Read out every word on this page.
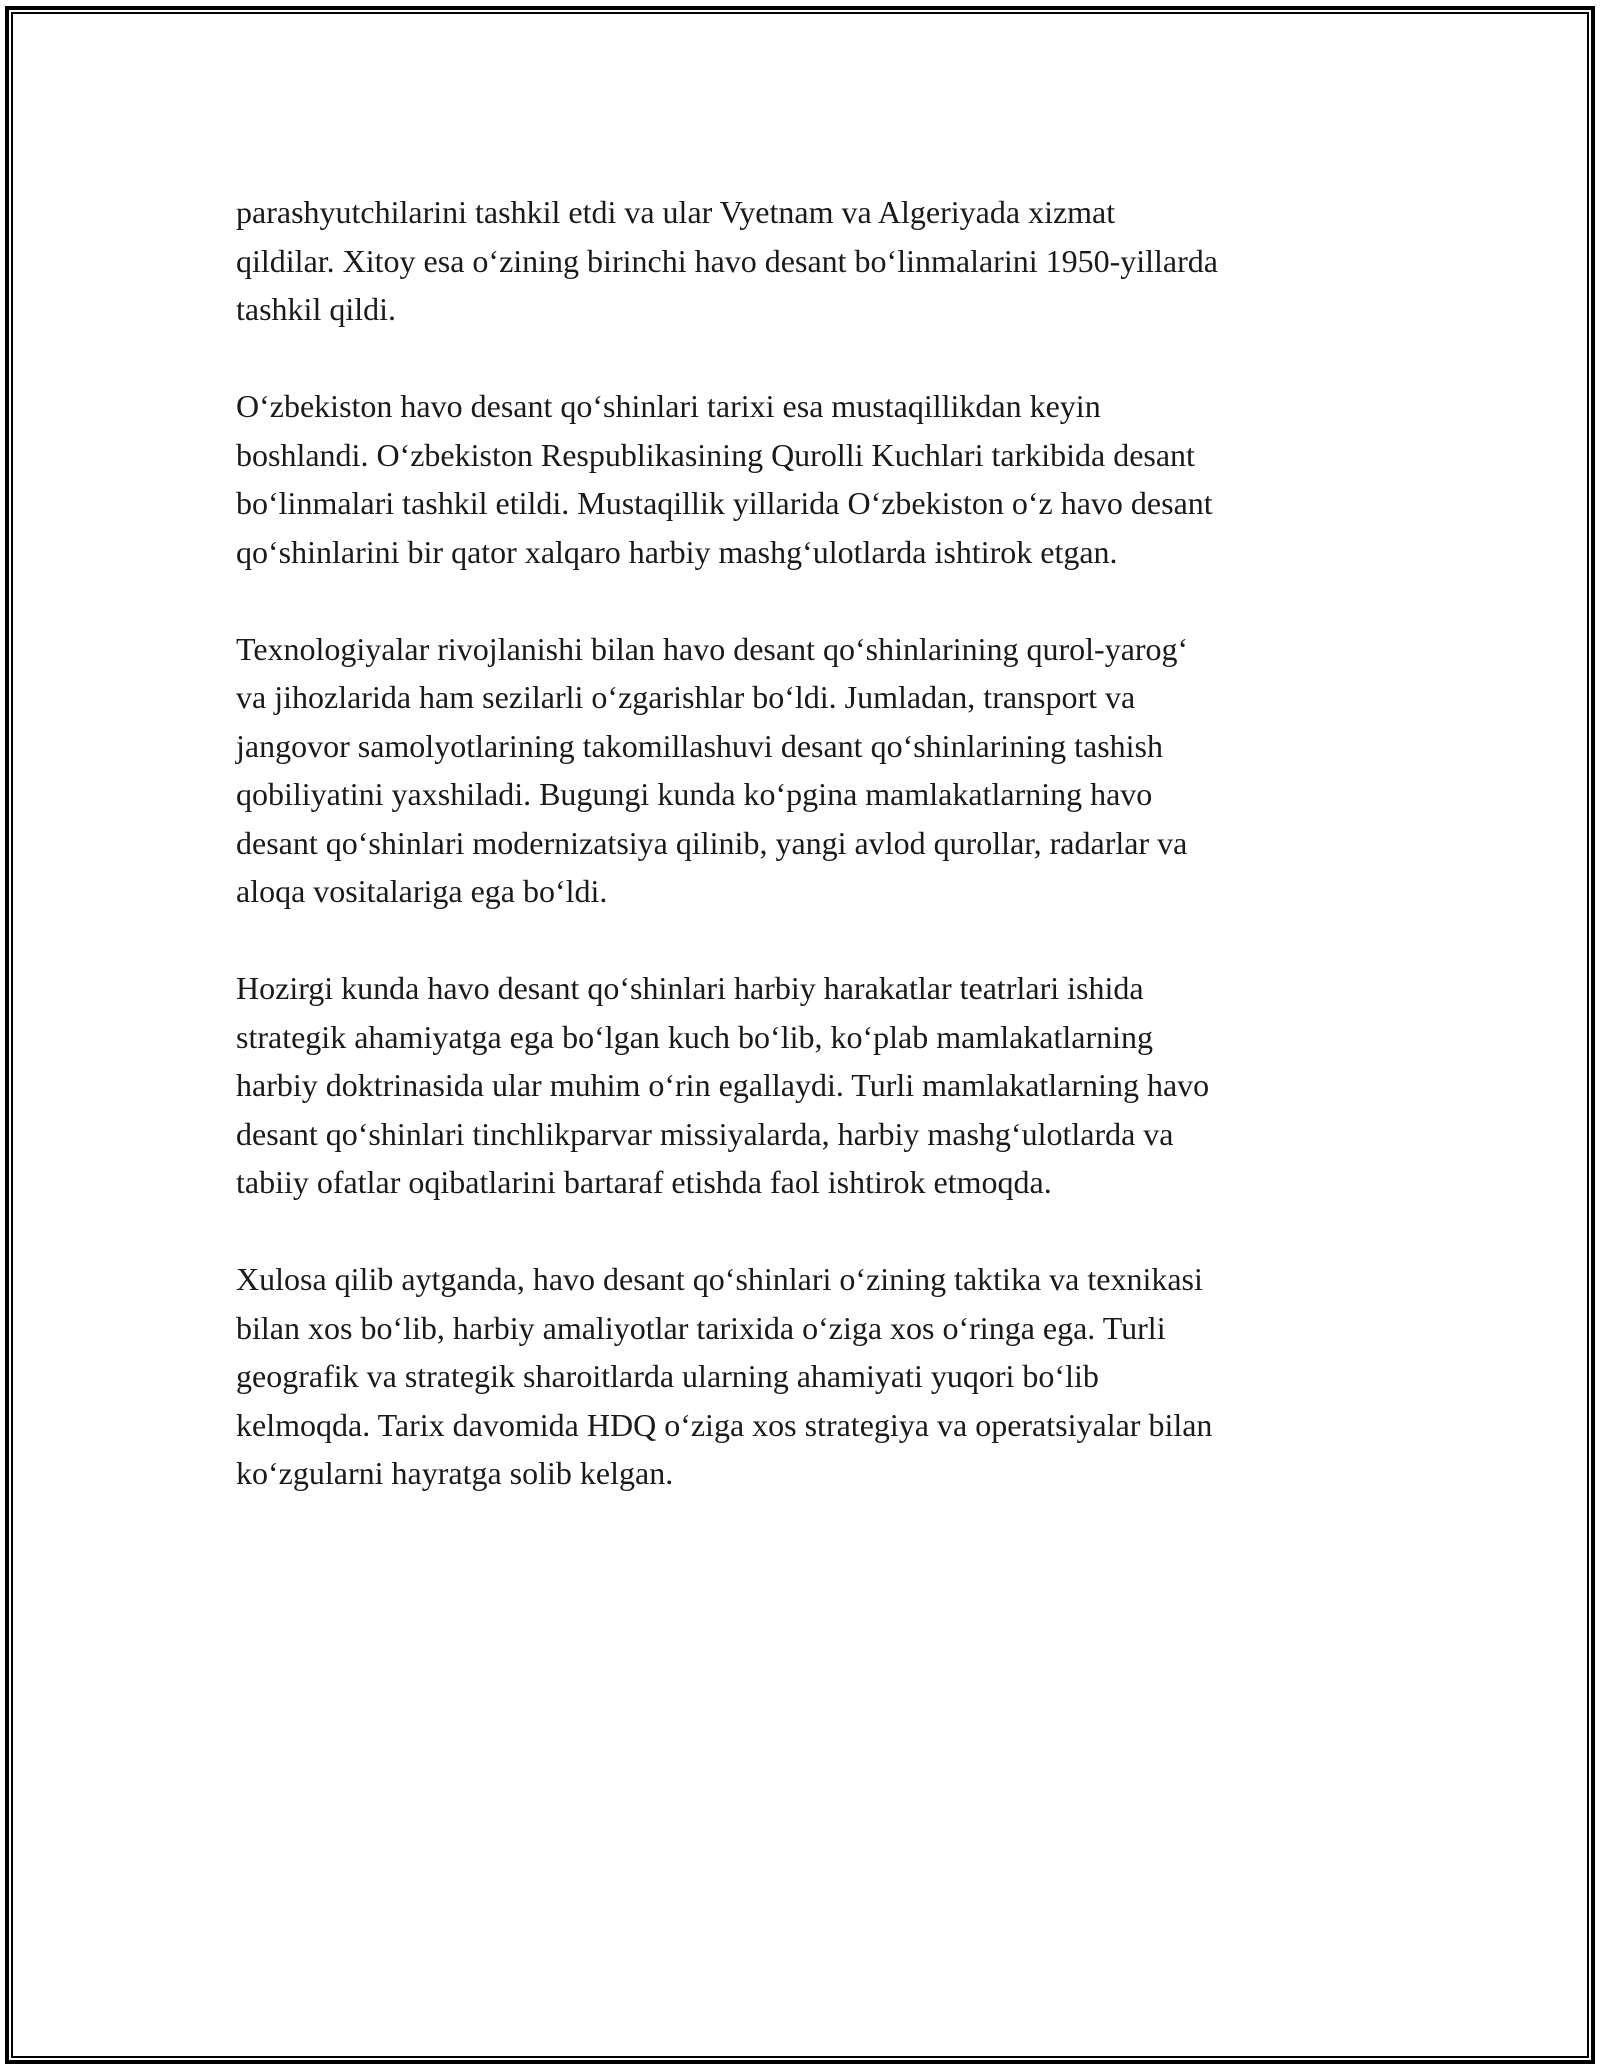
parashyutchilarini tashkil etdi va ular Vyetnam va Algeriyada xizmat
qildilar. Xitoy esa o‘zining birinchi havo desant bo‘linmalarini 1950-yillarda
tashkil qildi.

O‘zbekiston havo desant qo‘shinlari tarixi esa mustaqillikdan keyin
boshlandi. O‘zbekiston Respublikasining Qurolli Kuchlari tarkibida desant
bo‘linmalari tashkil etildi. Mustaqillik yillarida O‘zbekiston o‘z havo desant
qo‘shinlarini bir qator xalqaro harbiy mashg‘ulotlarda ishtirok etgan.

Texnologiyalar rivojlanishi bilan havo desant qo‘shinlarining qurol-yarog‘
va jihozlarida ham sezilarli o‘zgarishlar bo‘ldi. Jumladan, transport va
jangovor samolyotlarining takomillashuvi desant qo‘shinlarining tashish
qobiliyatini yaxshiladi. Bugungi kunda ko‘pgina mamlakatlarning havo
desant qo‘shinlari modernizatsiya qilinib, yangi avlod qurollar, radarlar va
aloqa vositalariga ega bo‘ldi.

Hozirgi kunda havo desant qo‘shinlari harbiy harakatlar teatrlari ishida
strategik ahamiyatga ega bo‘lgan kuch bo‘lib, ko‘plab mamlakatlarning
harbiy doktrinasida ular muhim o‘rin egallaydi. Turli mamlakatlarning havo
desant qo‘shinlari tinchlikparvar missiyalarda, harbiy mashg‘ulotlarda va
tabiiy ofatlar oqibatlarini bartaraf etishda faol ishtirok etmoqda.

Xulosa qilib aytganda, havo desant qo‘shinlari o‘zining taktika va texnikasi
bilan xos bo‘lib, harbiy amaliyotlar tarixida o‘ziga xos o‘ringa ega. Turli
geografik va strategik sharoitlarda ularning ahamiyati yuqori bo‘lib
kelmoqda. Tarix davomida HDQ o‘ziga xos strategiya va operatsiyalar bilan
ko‘zgularni hayratga solib kelgan.
